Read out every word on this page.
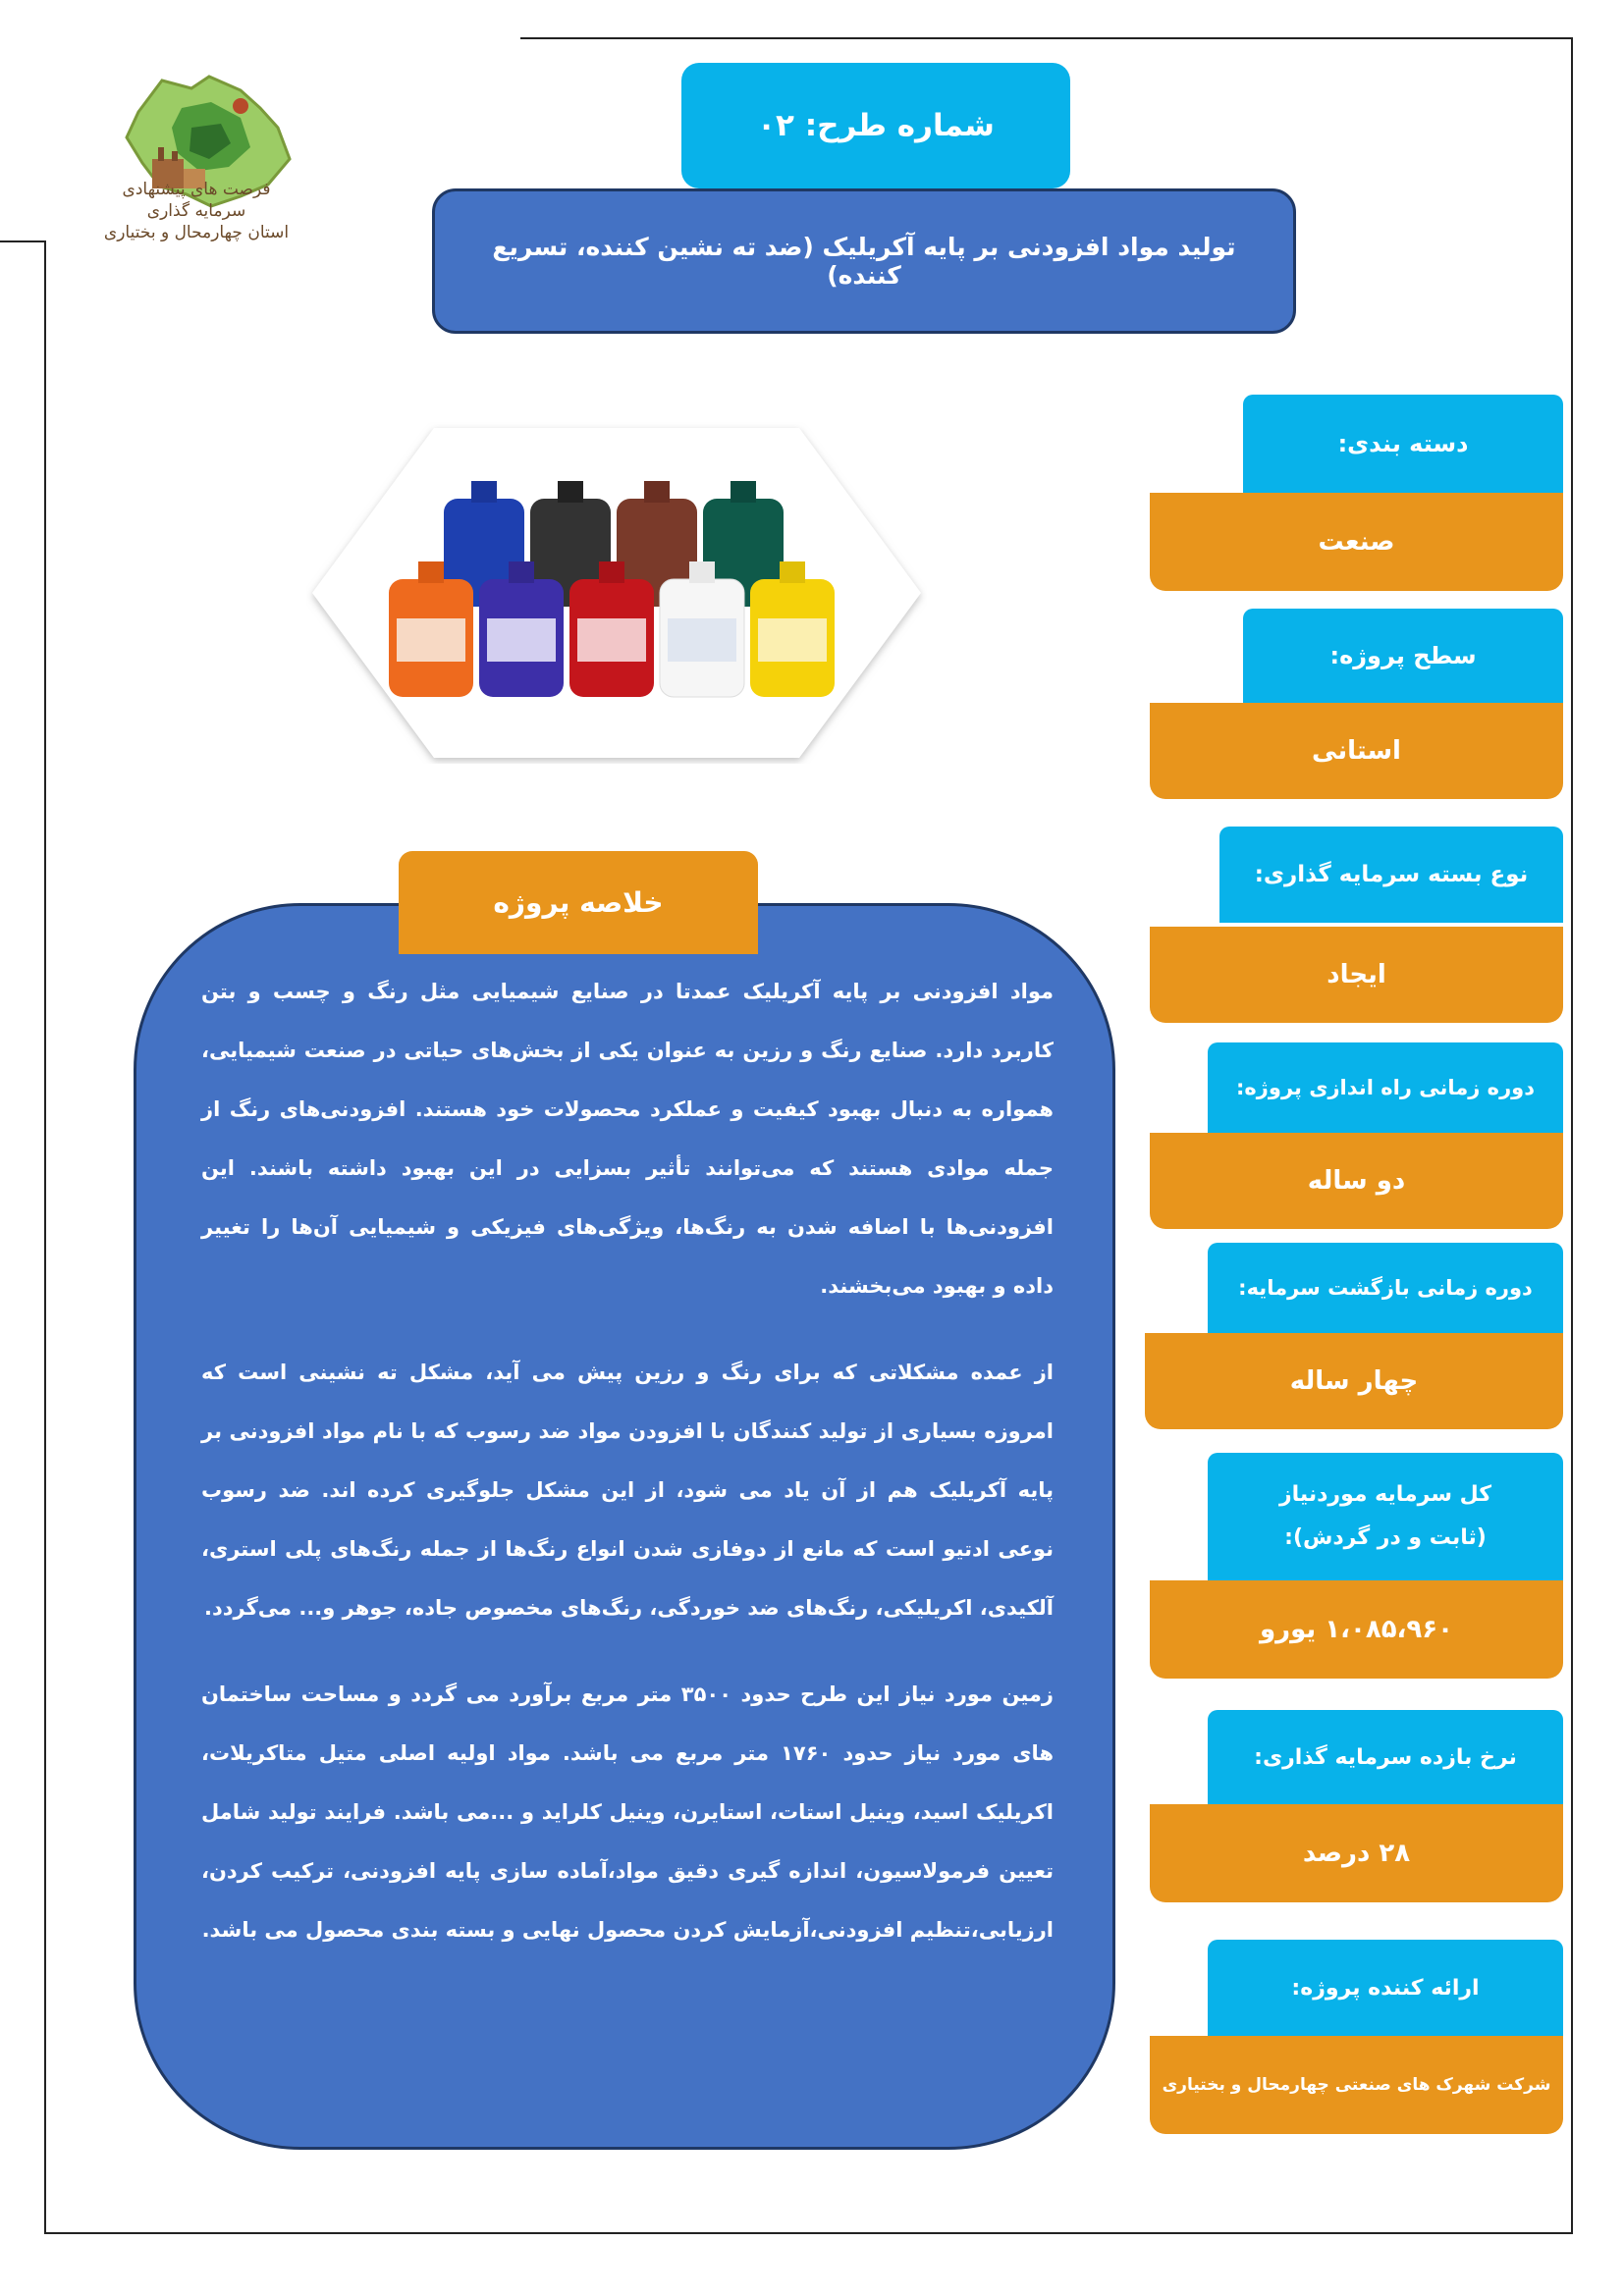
فرصت های پیشنهادی
سرمایه گذاری
استان چهارمحال و بختیاری
شماره طرح: ۰۲
تولید مواد افزودنی بر پایه آکریلیک (ضد ته نشین کننده، تسریع کننده)
دسته بندی:
صنعت
سطح پروژه:
استانی
نوع بسته سرمایه گذاری:
ایجاد
دوره زمانی راه اندازی پروژه:
دو ساله
دوره زمانی بازگشت سرمایه:
چهار ساله
کل سرمایه موردنیاز
(ثابت و در گردش):
۱،۰۸۵،۹۶۰ یورو
نرخ بازده سرمایه گذاری:
۲۸ درصد
ارائه کننده پروژه:
شرکت شهرک های صنعتی چهارمحال و بختیاری
خلاصه پروژه

مواد افزودنی بر پایه آکریلیک عمدتا در صنایع شیمیایی مثل رنگ و چسب و بتن کاربرد دارد. صنایع رنگ و رزین به عنوان یکی از بخش‌های حیاتی در صنعت شیمیایی، همواره به دنبال بهبود کیفیت و عملکرد محصولات خود هستند. افزودنی‌های رنگ از جمله موادی هستند که می‌توانند تأثیر بسزایی در این بهبود داشته باشند. این افزودنی‌ها با اضافه شدن به رنگ‌ها، ویژگی‌های فیزیکی و شیمیایی آن‌ها را تغییر داده و بهبود می‌بخشند.

از عمده مشکلاتی که برای رنگ و رزین پیش می آید، مشکل ته نشینی است که امروزه بسیاری از تولید کنندگان با افزودن مواد ضد رسوب که با نام مواد افزودنی بر پایه آکریلیک هم از آن یاد می شود، از این مشکل جلوگیری کرده اند. ضد رسوب نوعی ادتیو است که مانع از دوفازی شدن انواع رنگ‌ها از جمله رنگ‌های پلی استری، آلکیدی، اکریلیکی، رنگ‌های ضد خوردگی، رنگ‌های مخصوص جاده، جوهر و... می‌گردد.

زمین مورد نیاز این طرح حدود ۳۵۰۰ متر مربع برآورد می گردد و مساحت ساختمان های مورد نیاز حدود ۱۷۶۰ متر مربع می باشد. مواد اولیه اصلی متیل متاکریلات، اکریلیک اسید، وینیل استات، استایرن، وینیل کلراید و ...می باشد. فرایند تولید شامل تعیین فرمولاسیون، اندازه گیری دقیق مواد،آماده سازی پایه افزودنی، ترکیب کردن، ارزیابی،تنظیم افزودنی،آزمایش کردن محصول نهایی و بسته بندی محصول می باشد.
